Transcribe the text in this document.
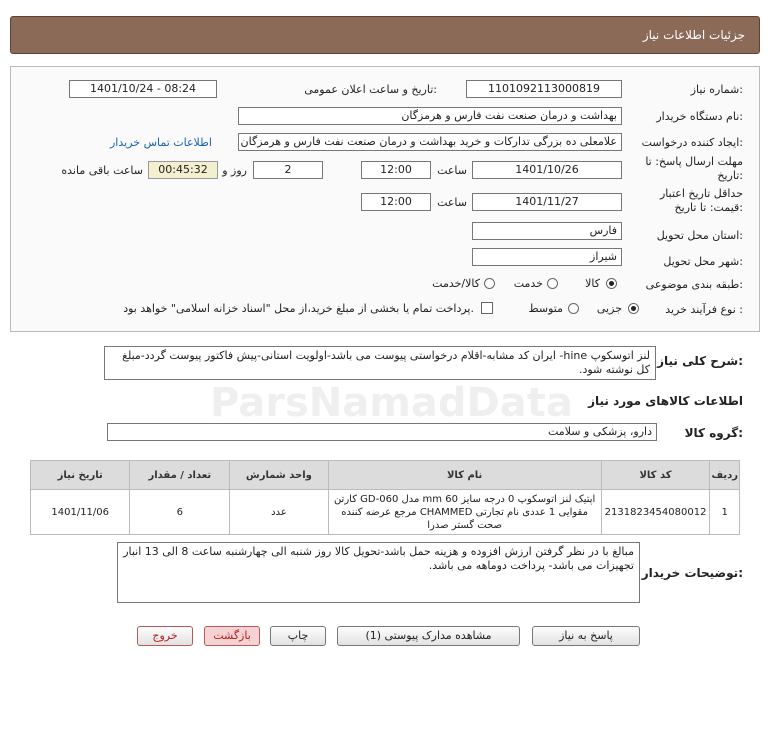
جزئیات اطلاعات نیاز
ParsNamadData
شماره نیاز:
1101092113000819
تاریخ و ساعت اعلان عمومی:
1401/10/24 - 08:24
نام دستگاه خریدار:
بهداشت و درمان صنعت نفت فارس و هرمزگان
ایجاد کننده درخواست:
علامعلی ده بزرگی تدارکات و خرید بهداشت و درمان صنعت نفت فارس و هرمزگان
اطلاعات تماس خریدار
مهلت ارسال پاسخ: تا
تاریخ:
1401/10/26
ساعت
12:00
2
روز و
00:45:32
ساعت باقی مانده
حداقل تاریخ اعتبار
قیمت: تا تاریخ:
1401/11/27
ساعت
12:00
استان محل تحویل:
فارس
شهر محل تحویل:
شیراز
طبقه بندی موضوعی:
کالا
خدمت
کالا/خدمت
نوع فرآیند خرید :
جزیی
متوسط
پرداخت تمام یا بخشی از مبلغ خرید،از محل "اسناد خزانه اسلامی" خواهد بود.
شرح کلی نیاز:
لنز اتوسکوپ hine- ایران کد مشابه-اقلام درخواستی پیوست می باشد-اولویت استانی-پیش فاکتور پیوست گردد-مبلغ کل نوشته شود.
اطلاعات کالاهای مورد نیاز
گروه کالا:
دارو، پزشکی و سلامت
ردیف	کد کالا	نام کالا	واحد شمارش	تعداد / مقدار	تاریخ نیاز
1	2131823454080012	اپتیک لنز اتوسکوپ 0 درجه سایز 60 mm مدل GD-060 کارتن مقوایی 1 عددی نام تجارتی CHAMMED مرجع عرضه کننده صحت گستر صدرا	عدد	6	1401/11/06
توضیحات خریدار:
مبالغ با در نظر گرفتن ارزش افزوده و هزینه حمل باشد-تحویل کالا روز شنبه الی چهارشنبه ساعت 8 الی 13 انبار تجهیزات می باشد- پرداخت دوماهه می باشد.
پاسخ به نیاز
مشاهده مدارک پیوستی (1)
چاپ
بازگشت
خروج
